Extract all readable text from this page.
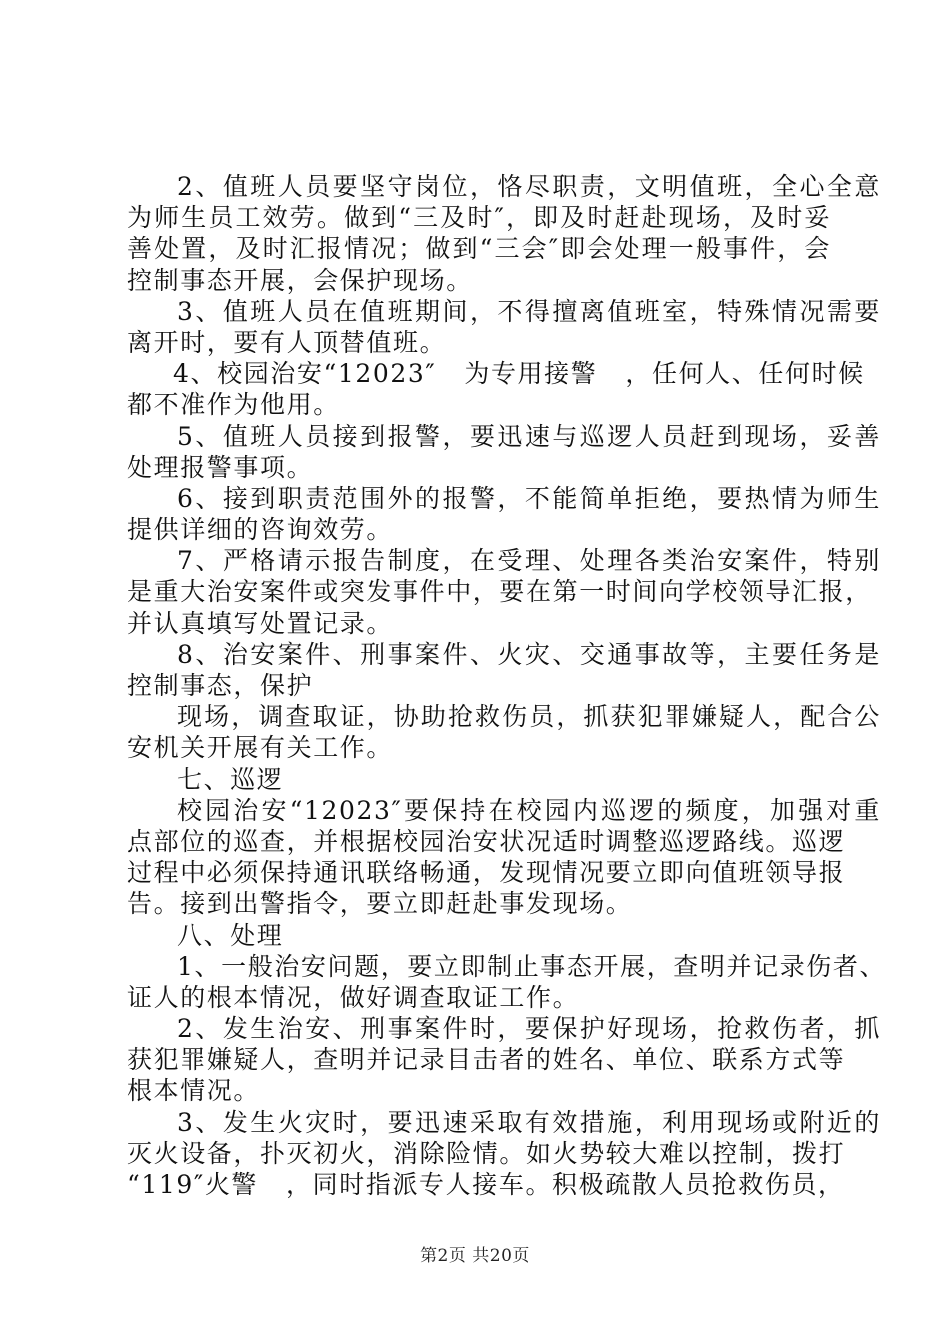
2、值班人员要坚守岗位，恪尽职责，文明值班，全心全意
为师生员工效劳。做到“三及时″，即及时赶赴现场，及时妥
善处置，及时汇报情况；做到“三会″即会处理一般事件，会
控制事态开展，会保护现场。
3、值班人员在值班期间，不得擅离值班室，特殊情况需要
离开时，要有人顶替值班。
4、校园治安“12023″ 为专用接警 ，任何人、任何时候
都不准作为他用。
5、值班人员接到报警，要迅速与巡逻人员赶到现场，妥善
处理报警事项。
6、接到职责范围外的报警，不能简单拒绝，要热情为师生
提供详细的咨询效劳。
7、严格请示报告制度，在受理、处理各类治安案件，特别
是重大治安案件或突发事件中，要在第一时间向学校领导汇报，
并认真填写处置记录。
8、治安案件、刑事案件、火灾、交通事故等，主要任务是
控制事态，保护
现场，调查取证，协助抢救伤员，抓获犯罪嫌疑人，配合公
安机关开展有关工作。
七、巡逻
校园治安“12023″要保持在校园内巡逻的频度，加强对重
点部位的巡查，并根据校园治安状况适时调整巡逻路线。巡逻
过程中必须保持通讯联络畅通，发现情况要立即向值班领导报
告。接到出警指令，要立即赶赴事发现场。
八、处理
1、一般治安问题，要立即制止事态开展，查明并记录伤者、
证人的根本情况，做好调查取证工作。
2、发生治安、刑事案件时，要保护好现场，抢救伤者，抓
获犯罪嫌疑人，查明并记录目击者的姓名、单位、联系方式等
根本情况。
3、发生火灾时，要迅速采取有效措施，利用现场或附近的
灭火设备，扑灭初火，消除险情。如火势较大难以控制，拨打
“119″火警 ，同时指派专人接车。积极疏散人员抢救伤员，
第2页 共20页
